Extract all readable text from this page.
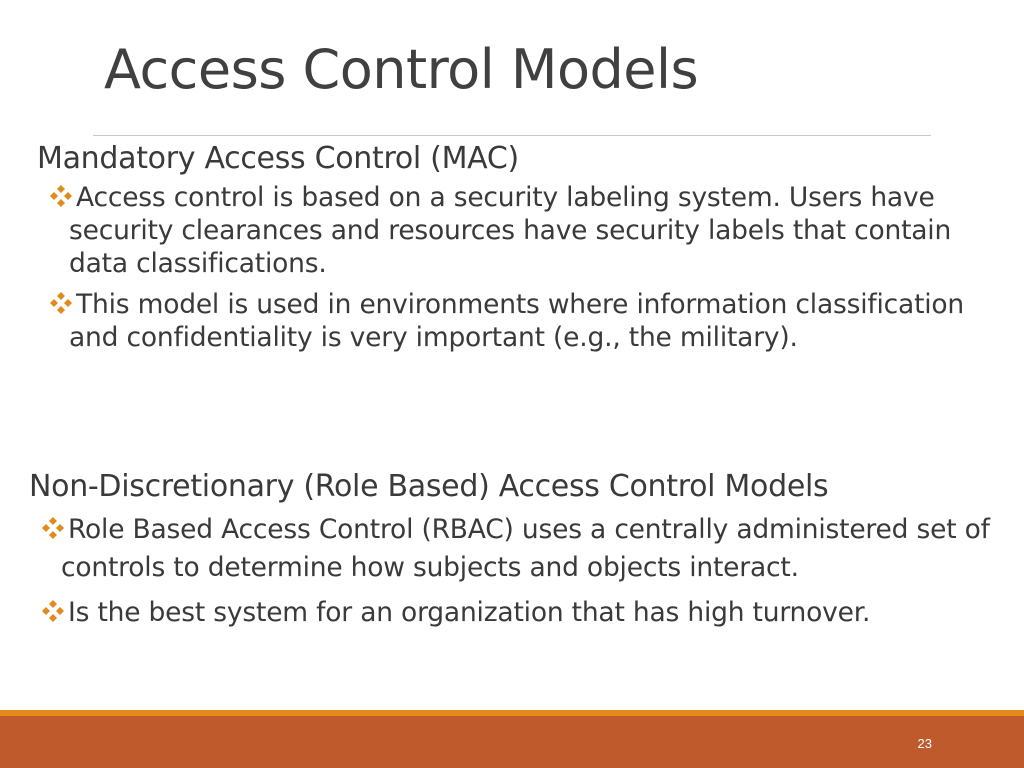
Access Control Models
Mandatory Access Control (MAC)
Access control is based on a security labeling system. Users have security clearances and resources have security labels that contain data classifications.
This model is used in environments where information classification and confidentiality is very important (e.g., the military).
Non-Discretionary (Role Based) Access Control Models
Role Based Access Control (RBAC) uses a centrally administered set of controls to determine how subjects and objects interact.
Is the best system for an organization that has high turnover.
23
